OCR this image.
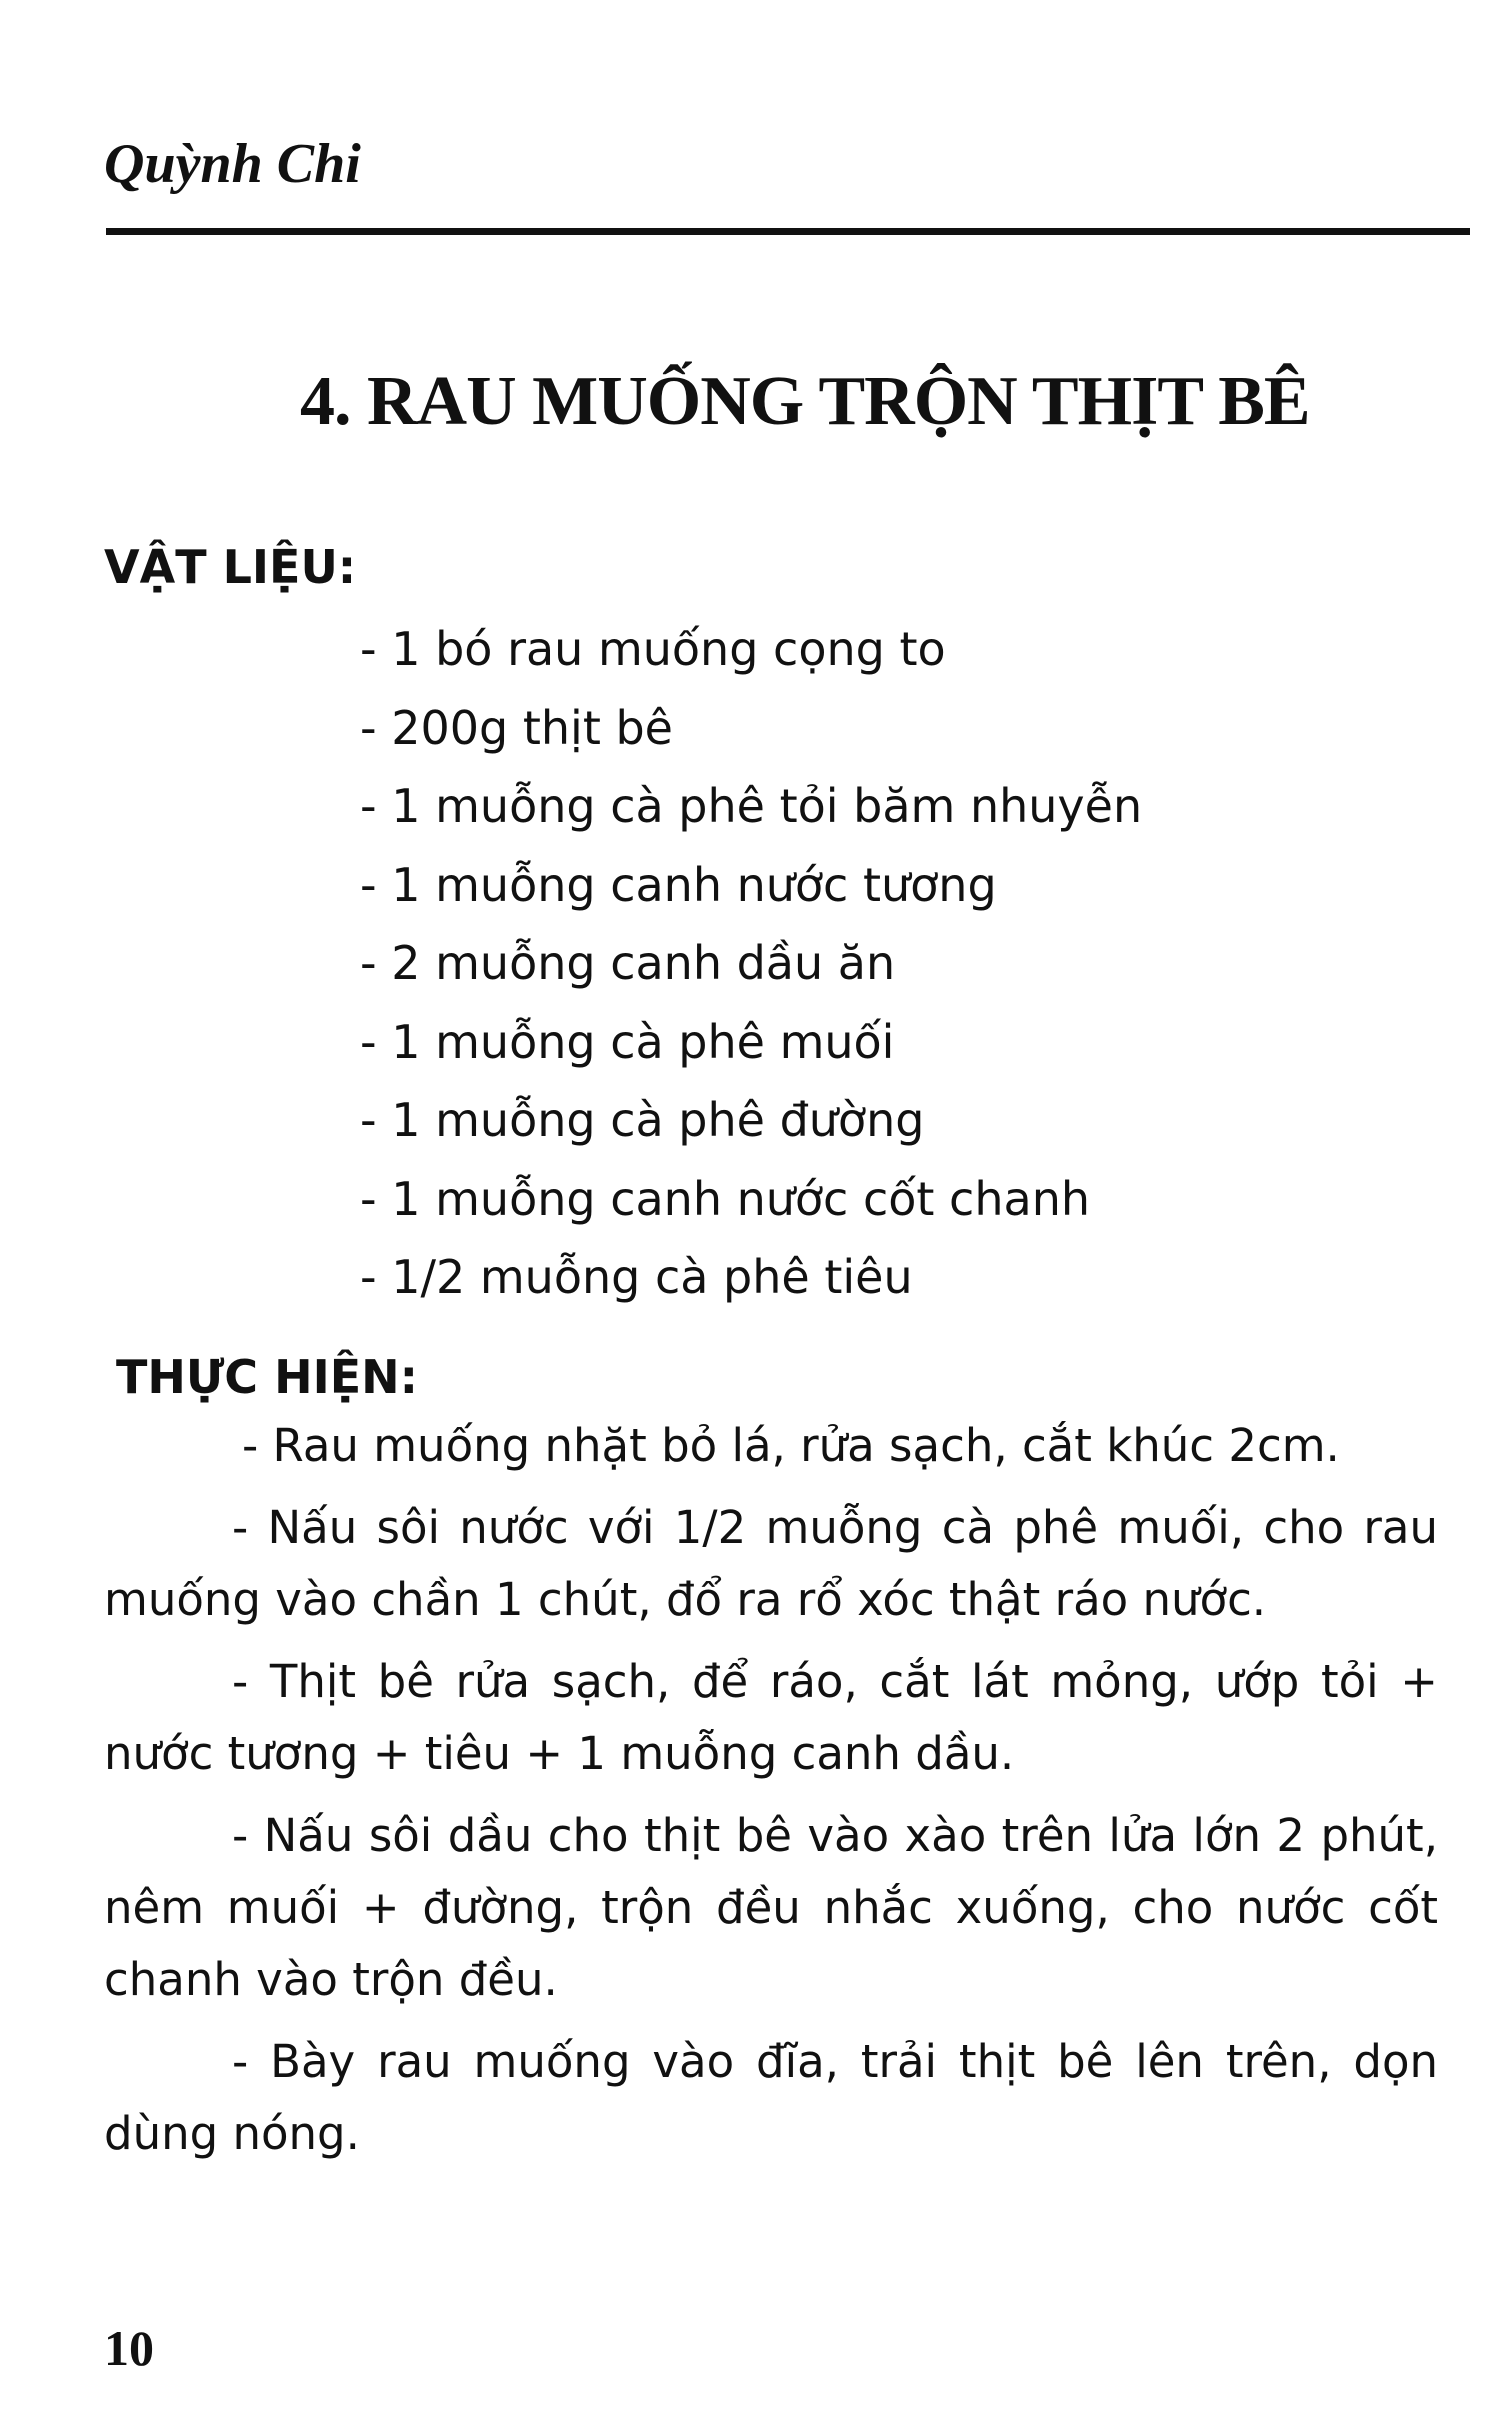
Quỳnh Chi
4. RAU MUỐNG TRỘN THỊT BÊ
VẬT LIỆU:
- 1 bó rau muống cọng to
- 200g thịt bê
- 1 muỗng cà phê tỏi băm nhuyễn
- 1 muỗng canh nước tương
- 2 muỗng canh dầu ăn
- 1 muỗng cà phê muối
- 1 muỗng cà phê đường
- 1 muỗng canh nước cốt chanh
- 1/2 muỗng cà phê tiêu
THỰC HIỆN:

- Rau muống nhặt bỏ lá, rửa sạch, cắt khúc 2cm.

- Nấu sôi nước với 1/2 muỗng cà phê muối, cho rau muống vào chần 1 chút, đổ ra rổ xóc thật ráo nước.

- Thịt bê rửa sạch, để ráo, cắt lát mỏng, ướp tỏi + nước tương + tiêu + 1 muỗng canh dầu.

- Nấu sôi dầu cho thịt bê vào xào trên lửa lớn 2 phút, nêm muối + đường, trộn đều nhắc xuống, cho nước cốt chanh vào trộn đều.

- Bày rau muống vào đĩa, trải thịt bê lên trên, dọn dùng nóng.

10
